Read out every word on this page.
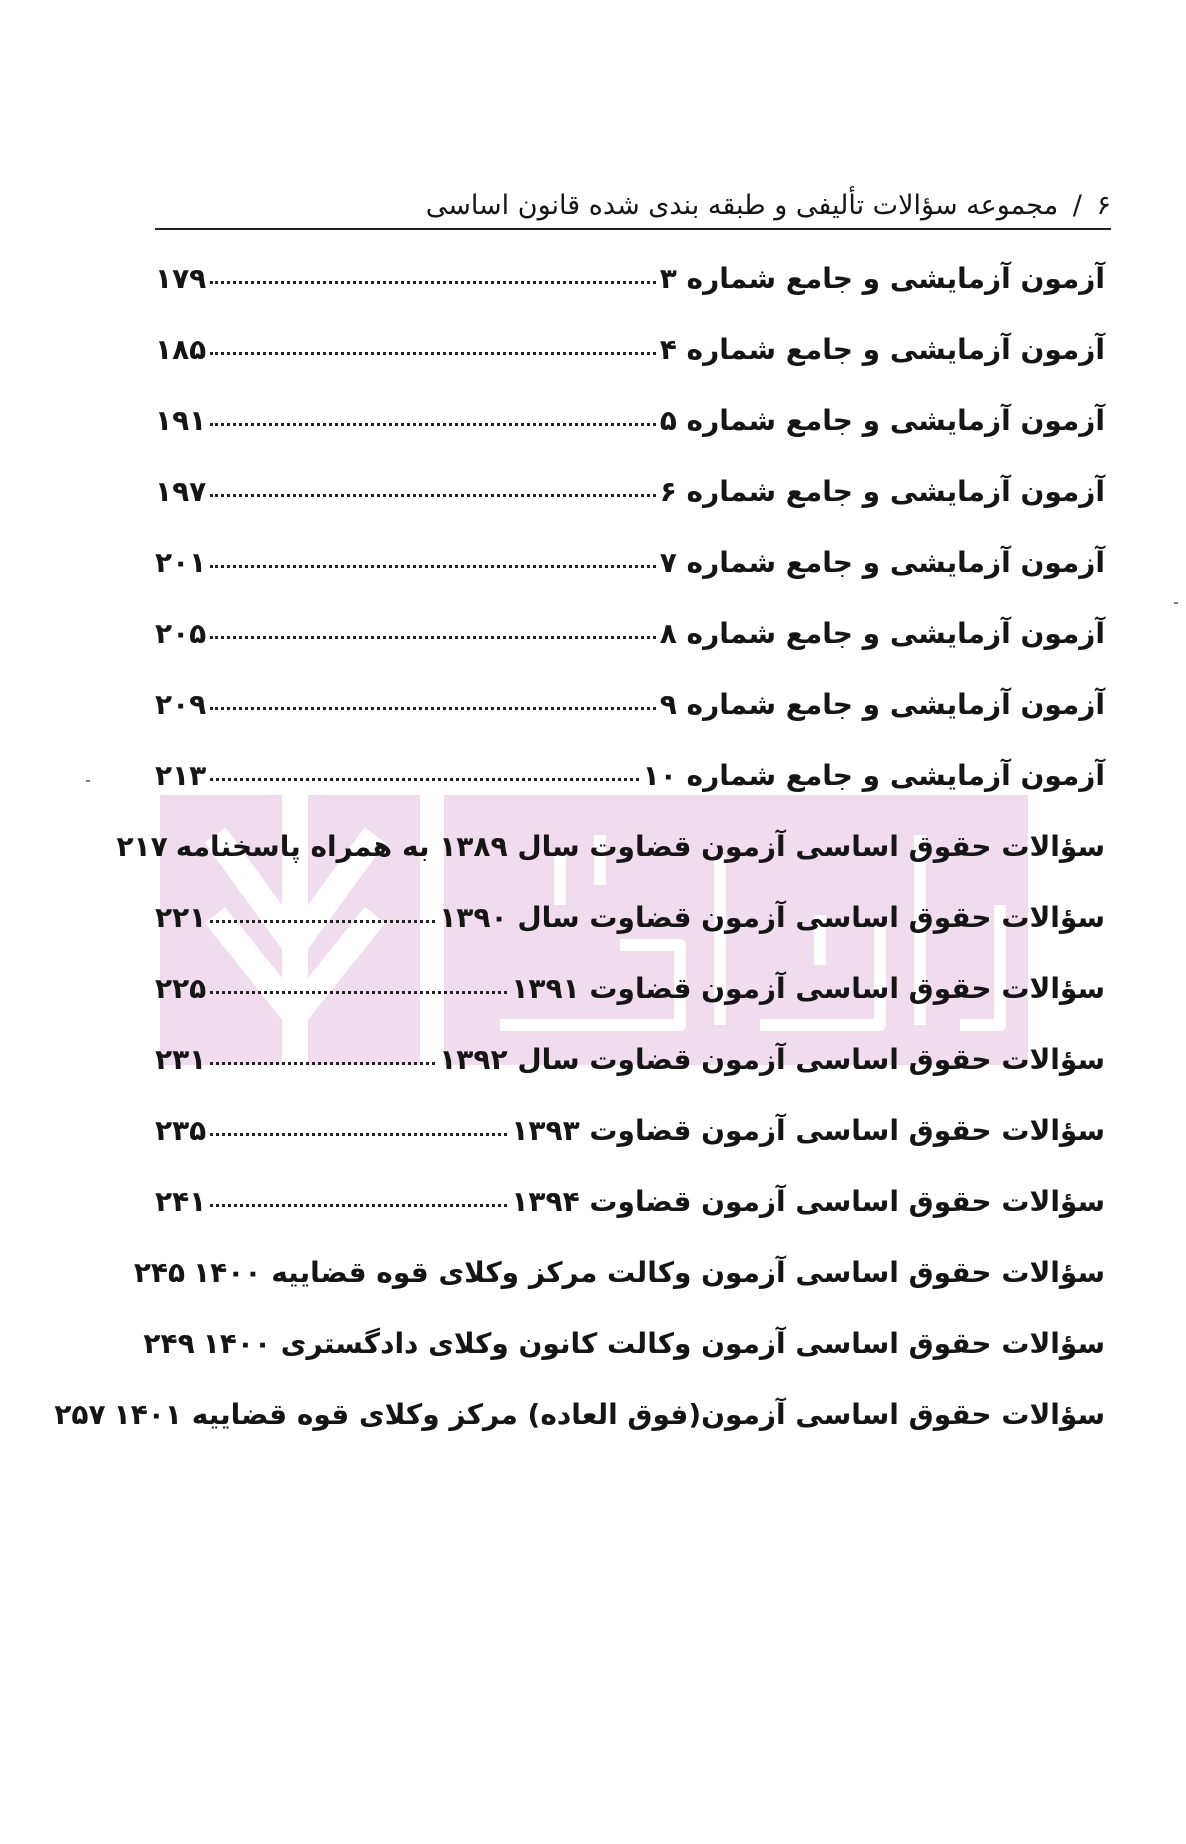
۶ / مجموعه سؤالات تألیفی و طبقه بندی شده قانون اساسی
آزمون آزمایشی و جامع شماره ۳
۱۷۹
آزمون آزمایشی و جامع شماره ۴
۱۸۵
آزمون آزمایشی و جامع شماره ۵
۱۹۱
آزمون آزمایشی و جامع شماره ۶
۱۹۷
آزمون آزمایشی و جامع شماره ۷
۲۰۱
آزمون آزمایشی و جامع شماره ۸
۲۰۵
آزمون آزمایشی و جامع شماره ۹
۲۰۹
آزمون آزمایشی و جامع شماره ۱۰
۲۱۳
سؤالات حقوق اساسی آزمون قضاوت سال ۱۳۸۹ به همراه پاسخنامه
۲۱۷
سؤالات حقوق اساسی آزمون قضاوت سال ۱۳۹۰
۲۲۱
سؤالات حقوق اساسی آزمون قضاوت ۱۳۹۱
۲۲۵
سؤالات حقوق اساسی آزمون قضاوت سال ۱۳۹۲
۲۳۱
سؤالات حقوق اساسی آزمون قضاوت ۱۳۹۳
۲۳۵
سؤالات حقوق اساسی آزمون قضاوت ۱۳۹۴
۲۴۱
سؤالات حقوق اساسی آزمون وکالت مرکز وکلای قوه قضاییه ۱۴۰۰
۲۴۵
سؤالات حقوق اساسی آزمون وکالت کانون وکلای دادگستری ۱۴۰۰
۲۴۹
سؤالات حقوق اساسی آزمون(فوق العاده) مرکز وکلای قوه قضاییه ۱۴۰۱
۲۵۷
